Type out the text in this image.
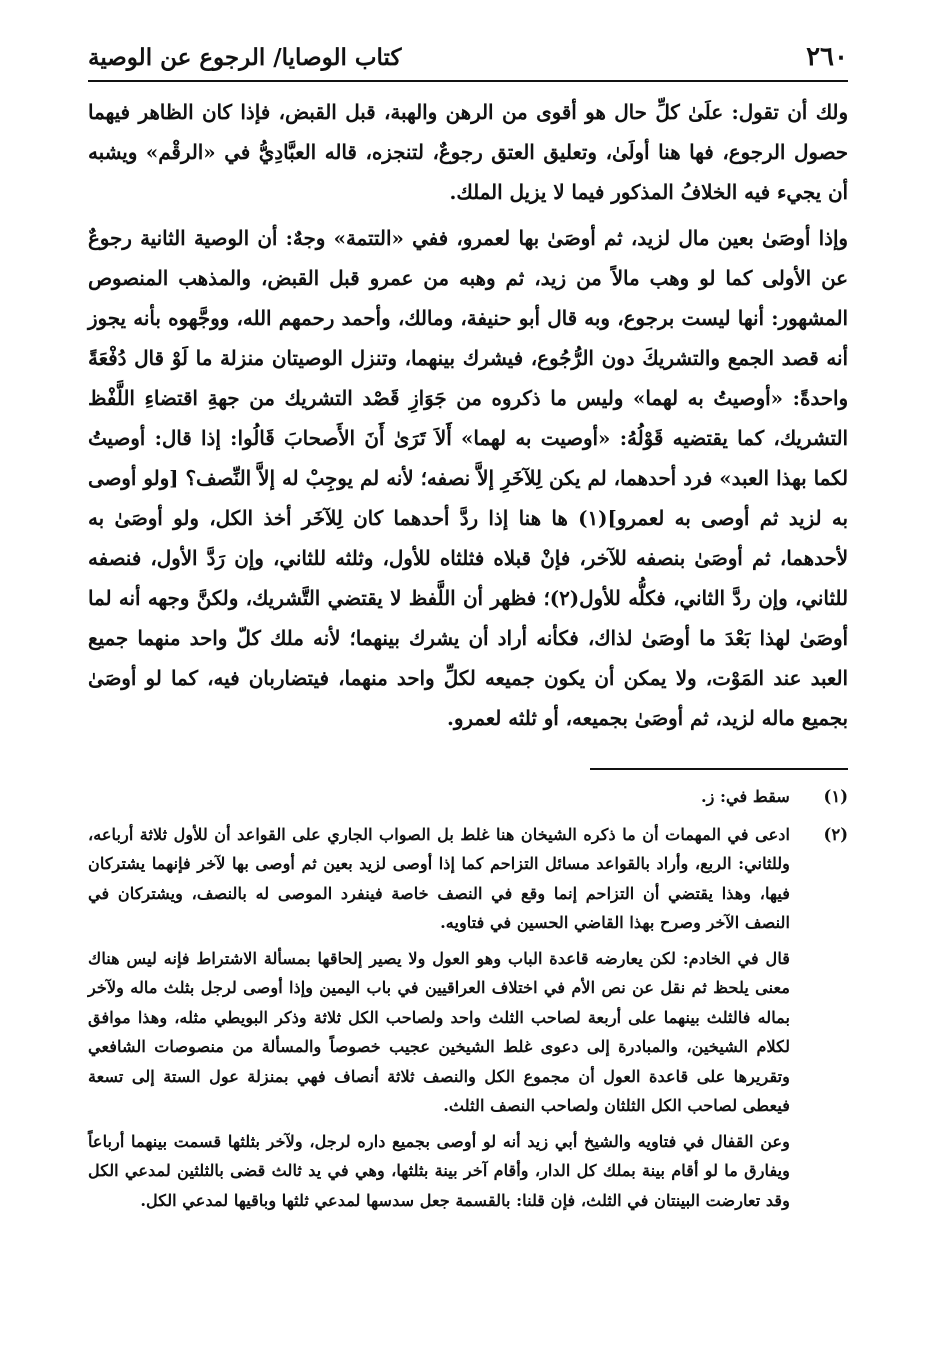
٢٦٠
كتاب الوصايا/ الرجوع عن الوصية

ولك أن تقول: علَىٰ كلِّ حال هو أقوى من الرهن والهبة، قبل القبض، فإذا كان الظاهر فيهما حصول الرجوع، فها هنا أولَىٰ، وتعليق العتق رجوعٌ، لتنجزه، قاله العبَّادِيُّ في «الرقْم» ويشبه أن يجيء فيه الخلافُ المذكور فيما لا يزيل الملك.

وإذا أوصَىٰ بعين مال لزيد، ثم أوصَىٰ بها لعمرو، ففي «التتمة» وجهٌ: أن الوصية الثانية رجوعٌ عن الأولى كما لو وهب مالاً من زيد، ثم وهبه من عمرو قبل القبض، والمذهب المنصوص المشهور: أنها ليست برجوع، وبه قال أبو حنيفة، ومالك، وأحمد رحمهم الله، ووجَّهوه بأنه يجوز أنه قصد الجمع والتشريكَ دون الرُّجُوع، فيشرك بينهما، وتنزل الوصيتان منزلة ما لَوْ قال دُفْعَةً واحدةً: «أوصيتُ به لهما» وليس ما ذكروه من جَوَازِ قَصْد التشريك من جهةِ اقتضاءِ اللَّفْظ التشريك، كما يقتضيه قَوْلُهُ: «أوصيت به لهما» أَلاَ تَرَىٰ أَنَ الأَصحابَ قَالُوا: إذا قال: أوصيتُ لكما بهذا العبد» فرد أحدهما، لم يكن لِلآخَرِ إلاَّ نصفه؛ لأنه لم يوجِبْ له إلاَّ النِّصف؟ [ولو أوصى به لزيد ثم أوصى به لعمرو](١) ها هنا إذا ردَّ أحدهما كان لِلآخَر أخذ الكل، ولو أوصَىٰ به لأحدهما، ثم أوصَىٰ بنصفه للآخر، فإنْ قبلاه فثلثاه للأول، وثلثه للثاني، وإن رَدَّ الأول، فنصفه للثاني، وإن ردَّ الثاني، فكلُّه للأول(٢)؛ فظهر أن اللَّفظ لا يقتضي التَّشريك، ولكنَّ وجهه أنه لما أوصَىٰ لهذا بَعْدَ ما أوصَىٰ لذاك، فكأنه أراد أن يشرك بينهما؛ لأنه ملك كلّ واحد منهما جميع العبد عند المَوْت، ولا يمكن أن يكون جميعه لكلِّ واحد منهما، فيتضاربان فيه، كما لو أوصَىٰ بجميع ماله لزيد، ثم أوصَىٰ بجميعه، أو ثلثه لعمرو.

(١)

سقط في: ز.

(٢)

ادعى في المهمات أن ما ذكره الشيخان هنا غلط بل الصواب الجاري على القواعد أن للأول ثلاثة أرباعه، وللثاني: الربع، وأراد بالقواعد مسائل التزاحم كما إذا أوصى لزيد بعين ثم أوصى بها لآخر فإنهما يشتركان فيها، وهذا يقتضي أن التزاحم إنما وقع في النصف خاصة فينفرد الموصى له بالنصف، ويشتركان في النصف الآخر وصرح بهذا القاضي الحسين في فتاويه.

قال في الخادم: لكن يعارضه قاعدة الباب وهو العول ولا يصير إلحاقها بمسألة الاشتراط فإنه ليس هناك معنى يلحظ ثم نقل عن نص الأم في اختلاف العراقيين في باب اليمين وإذا أوصى لرجل بثلث ماله ولآخر بماله فالثلث بينهما على أربعة لصاحب الثلث واحد ولصاحب الكل ثلاثة وذكر البويطي مثله، وهذا موافق لكلام الشيخين، والمبادرة إلى دعوى غلط الشيخين عجيب خصوصاً والمسألة من منصوصات الشافعي وتقريرها على قاعدة العول أن مجموع الكل والنصف ثلاثة أنصاف فهي بمنزلة عول الستة إلى تسعة فيعطى لصاحب الكل الثلثان ولصاحب النصف الثلث.

وعن القفال في فتاويه والشيخ أبي زيد أنه لو أوصى بجميع داره لرجل، ولآخر بثلثها قسمت بينهما أرباعاً ويفارق ما لو أقام بينة بملك كل الدار، وأقام آخر بينة بثلثها، وهي في يد ثالث قضى بالثلثين لمدعي الكل وقد تعارضت البينتان في الثلث، فإن قلنا: بالقسمة جعل سدسها لمدعي ثلثها وباقيها لمدعي الكل.
